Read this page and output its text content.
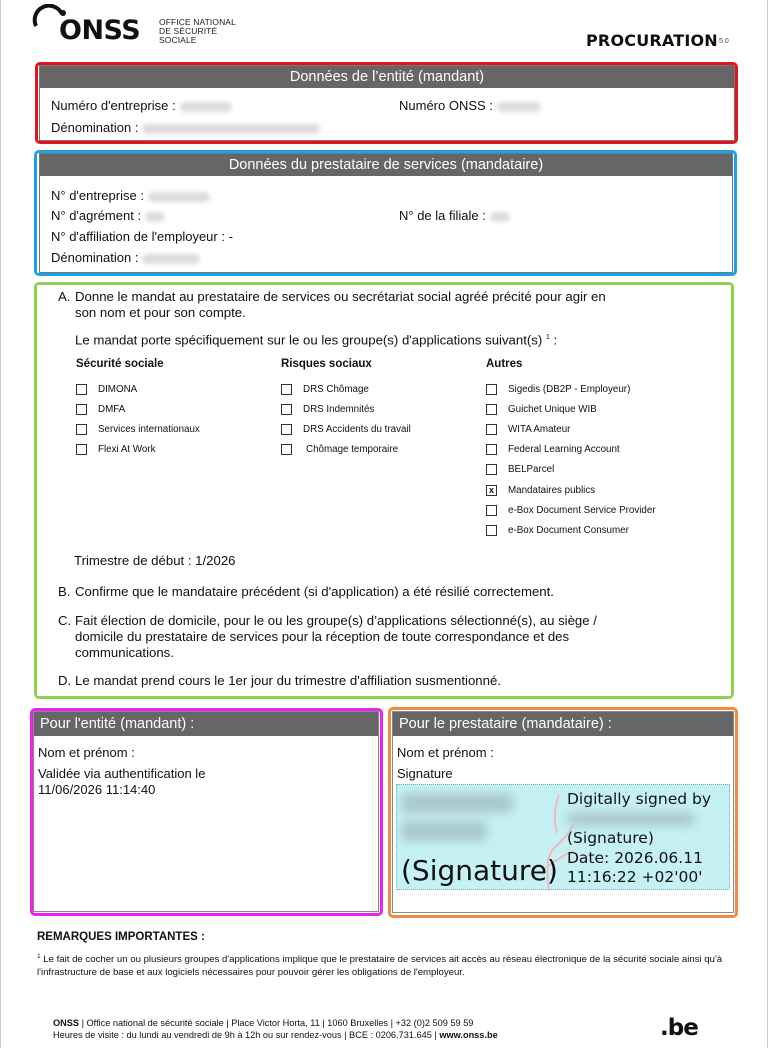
ONSS OFFICE NATIONAL
DE SÉCURITÉ
SOCIALE	PROCURATION 5.0
Données de l’entité (mandant)
Numéro d'entreprise :	Numéro ONSS :
Dénomination :
Données du prestataire de services (mandataire)
N° d'entreprise :
N° d'agrément :	N° de la filiale :
N° d'affiliation de l'employeur : -
Dénomination :
A. Donne le mandat au prestataire de services ou secrétariat social agréé précité pour agir en
son nom et pour son compte.
Le mandat porte spécifiquement sur le ou les groupe(s) d'applications suivant(s) $^1$ :
Sécurité sociale
DIMONA
DMFA
Services internationaux
Flexi At Work
Risques sociaux
DRS Chômage
DRS Indemnités
DRS Accidents du travail
Chômage temporaire
Autres
Sigedis (DB2P - Employeur)
Guichet Unique WIB
WITA Amateur
Federal Learning Account
BELParcel
x	Mandataires publics
e-Box Document Service Provider
e-Box Document Consumer
Trimestre de début : 1/2026
B. Confirme que le mandataire précédent (si d'application) a été résilié correctement.
C. Fait élection de domicile, pour le ou les groupe(s) d’applications sélectionné(s), au siège /
domicile du prestataire de services pour la réception de toute correspondance et des
communications.
D. Le mandat prend cours le 1er jour du trimestre d'affiliation susmentionné.
Pour l'entité (mandant) :
Nom et prénom :
Validée via authentification le
11/06/2026 11:14:40
Pour le prestataire (mandataire) :
Nom et prénom :
Signature
(Signature)
Digitally signed by
(Signature)
Date: 2026.06.11
11:16:22 +02'00'
REMARQUES IMPORTANTES :
$^1$ Le fait de cocher un ou plusieurs groupes d'applications implique que le prestataire de services ait accès au réseau électronique de la sécurité sociale ainsi qu'à l'infrastructure de base et aux logiciels nécessaires pour pouvoir gérer les obligations de l'employeur.
ONSS | Office national de sécurité sociale | Place Victor Horta, 11 | 1060 Bruxelles | +32 (0)2 509 59 59
Heures de visite : du lundi au vendredi de 9h à 12h ou sur rendez-vous | BCE : 0206.731.645 | www.onss.be	.be
